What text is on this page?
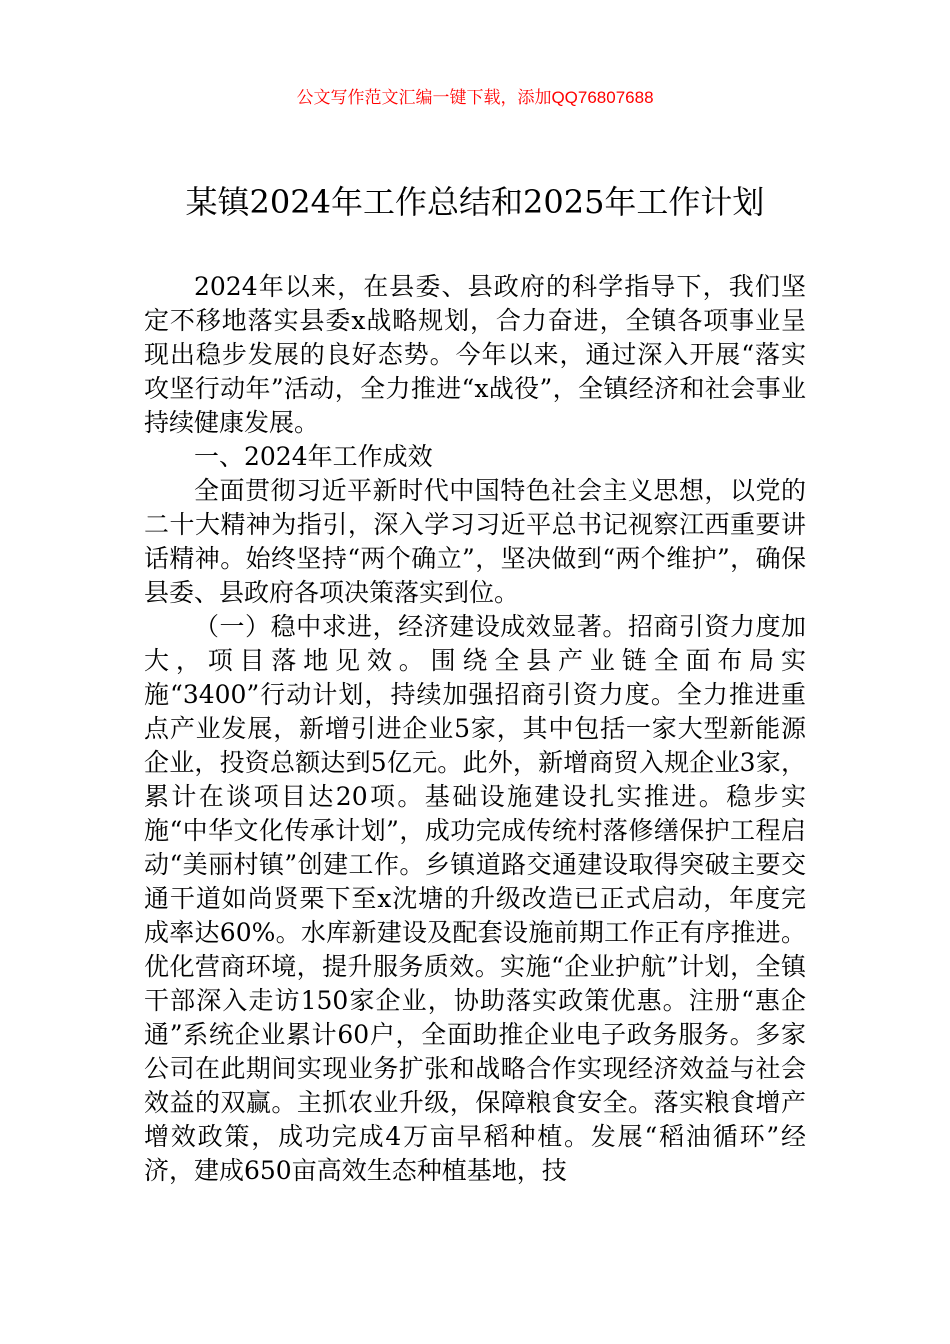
公文写作范文汇编一键下载，添加QQ76807688
某镇2024年工作总结和2025年工作计划

2024年以来，在县委、县政府的科学指导下，我们坚定不移地落实县委x战略规划，合力奋进，全镇各项事业呈现出稳步发展的良好态势。今年以来，通过深入开展“落实攻坚行动年”活动，全力推进“x战役”，全镇经济和社会事业持续健康发展。

一、2024年工作成效

全面贯彻习近平新时代中国特色社会主义思想，以党的二十大精神为指引，深入学习习近平总书记视察江西重要讲话精神。始终坚持“两个确立”，坚决做到“两个维护”，确保县委、县政府各项决策落实到位。

（一）稳中求进，经济建设成效显著。招商引资力度加大，项目落地见效。围绕全县产业链全面布局实施“3400”行动计划，持续加强招商引资力度。全力推进重点产业发展，新增引进企业5家，其中包括一家大型新能源企业，投资总额达到5亿元。此外，新增商贸入规企业3家，累计在谈项目达20项。基础设施建设扎实推进。稳步实施“中华文化传承计划”，成功完成传统村落修缮保护工程启动“美丽村镇”创建工作。乡镇道路交通建设取得突破主要交通干道如尚贤栗下至x沈塘的升级改造已正式启动，年度完成率达60%。水库新建设及配套设施前期工作正有序推进。优化营商环境，提升服务质效。实施“企业护航”计划，全镇干部深入走访150家企业，协助落实政策优惠。注册“惠企通”系统企业累计60户，全面助推企业电子政务服务。多家公司在此期间实现业务扩张和战略合作实现经济效益与社会效益的双赢。主抓农业升级，保障粮食安全。落实粮食增产增效政策，成功完成4万亩早稻种植。发展“稻油循环”经济，建成650亩高效生态种植基地，技
